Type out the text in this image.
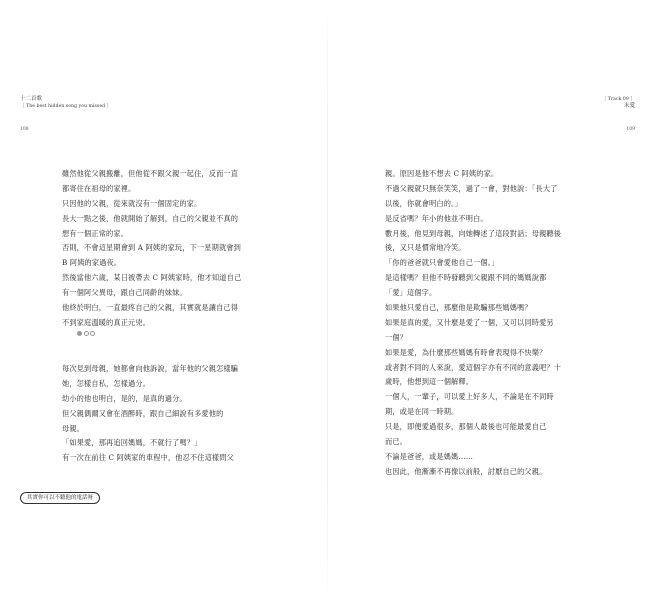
十二首歌
［ The best hidden song you missed ］
108
雖然他從父親搬離，但他從不跟父親一起住，反而一直
都寄住在祖母的家裡。
只因他的父親，從來就沒有一個固定的家。
長大一點之後，他就開始了解到，自己的父親並不真的
想有一個正常的家。
否則，不會這星期會到 A 阿姨的家玩，下一星期就會到
B 阿姨的家過夜。
然後當他六歲，某日被帶去 C 阿姨家時，他才知道自己
有一個阿父異母，跟自己同齡的妹妹。
他終於明白，一直最疼自己的父親，其實就是讓自己得
不到家庭溫暖的真正元兇。
每次見到母親，她都會向他訴說，當年他的父親怎樣騙
她，怎樣自私，怎樣過分。
幼小的他也明白，是的，是真的過分。
但父親偶爾又會在酒醉時，跟自己細說有多愛他的
母親。
「如果愛，那再追回媽媽，不就行了嗎？」
有一次在前往 C 阿姨家的車程中，他忍不住這樣問父
其實你可以不聽他的電話呀
［ Track 09 ］
未愛
109
親。原因是他不想去 C 阿姨的家。
不過父親就只無奈笑笑，過了一會，對他說：「長大了
以後，你就會明白的。」
是反省嗎？年小的他並不明白。
數月後，他見到母親，向她轉述了這段對話；母親聽後
後，又只是慣常地冷笑。
「你的爸爸就只會愛他自己一個。」
是這樣嗎？但他不時發聽到父親跟不同的媽媽說都
「愛」這個字。
如果他只愛自己，那麼他是欺騙那些媽媽嗎？
如果是真的愛，又什麼是愛了一個，又可以同時愛另
一個？
如果是愛，為什麼那些媽媽有時會表現得不快樂？
或者對不同的人來說，愛這個字亦有不同的意義吧？十
歲時，他想到這一個解釋。
一個人，一輩子，可以愛上好多人，不論是在不同時
期，或是在同一時期。
只是，即便愛過很多，那個人最後也可能最愛自己
而已。
不論是爸爸，或是媽媽……
也因此，他漸漸不再像以前般，討厭自己的父親。
